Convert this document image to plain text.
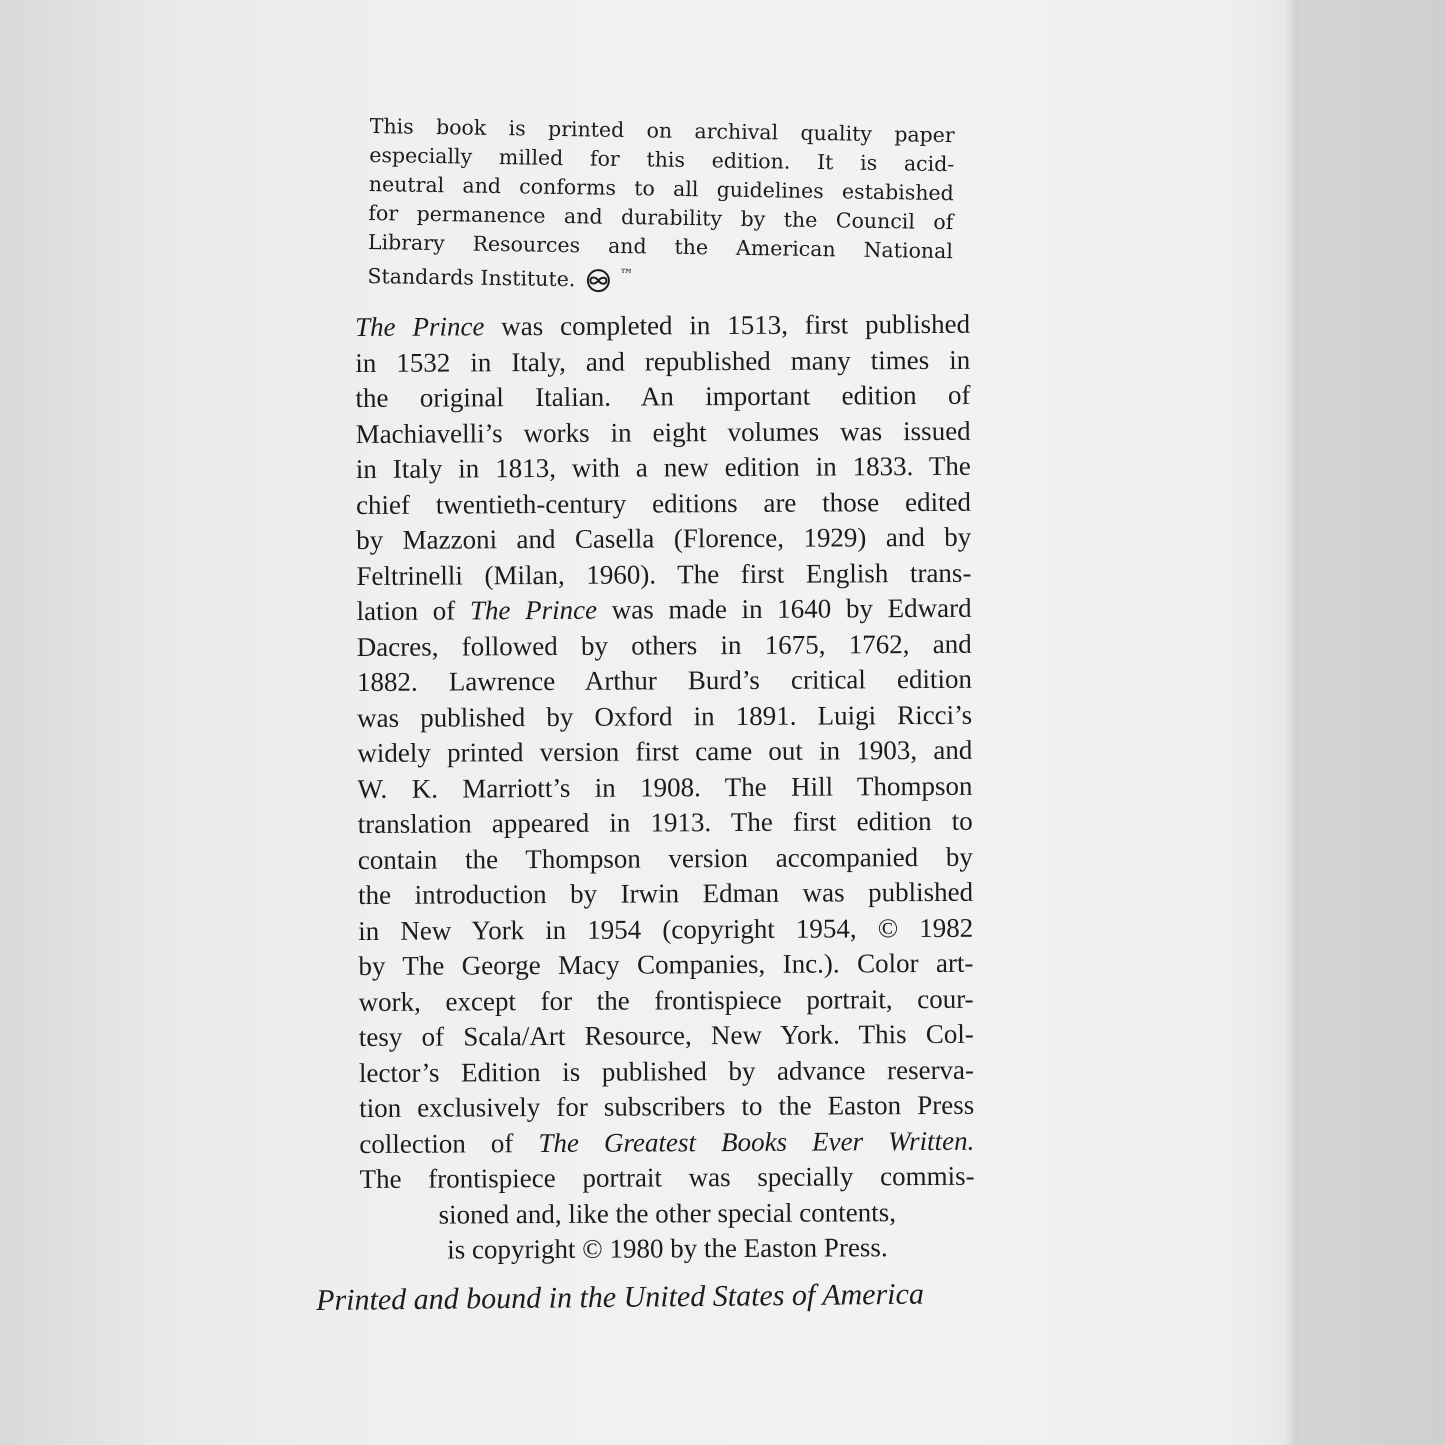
This book is printed on archival quality paper
especially milled for this edition. It is acid-
neutral and conforms to all guidelines estabished
for permanence and durability by the Council of
Library Resources and the American National
Standards Institute.	™
The Prince was completed in 1513, first published
in 1532 in Italy, and republished many times in
the original Italian. An important edition of
Machiavelli’s works in eight volumes was issued
in Italy in 1813, with a new edition in 1833. The
chief twentieth-century editions are those edited
by Mazzoni and Casella (Florence, 1929) and by
Feltrinelli (Milan, 1960). The first English trans-
lation of The Prince was made in 1640 by Edward
Dacres, followed by others in 1675, 1762, and
1882. Lawrence Arthur Burd’s critical edition
was published by Oxford in 1891. Luigi Ricci’s
widely printed version first came out in 1903, and
W. K. Marriott’s in 1908. The Hill Thompson
translation appeared in 1913. The first edition to
contain the Thompson version accompanied by
the introduction by Irwin Edman was published
in New York in 1954 (copyright 1954, © 1982
by The George Macy Companies, Inc.). Color art-
work, except for the frontispiece portrait, cour-
tesy of Scala/Art Resource, New York. This Col-
lector’s Edition is published by advance reserva-
tion exclusively for subscribers to the Easton Press
collection of The Greatest Books Ever Written.
The frontispiece portrait was specially commis-
sioned and, like the other special contents,
is copyright © 1980 by the Easton Press.
Printed and bound in the United States of America
